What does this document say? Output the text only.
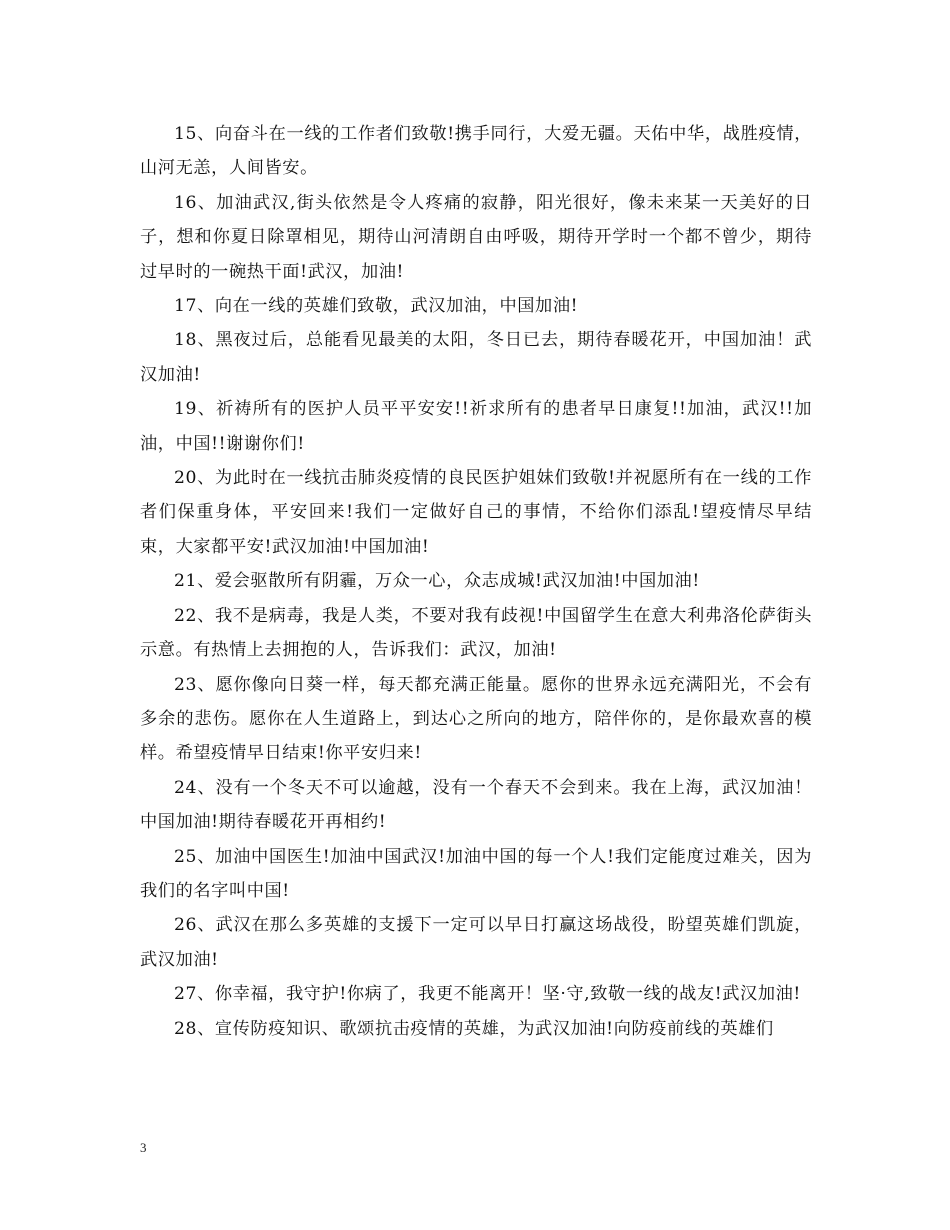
15、向奋斗在一线的工作者们致敬!携手同行，大爱无疆。天佑中华，战胜疫情，山河无恙，人间皆安。

16、加油武汉,街头依然是令人疼痛的寂静，阳光很好，像未来某一天美好的日子，想和你夏日除罩相见，期待山河清朗自由呼吸，期待开学时一个都不曾少，期待过早时的一碗热干面!武汉，加油!

17、向在一线的英雄们致敬，武汉加油，中国加油!

18、黑夜过后，总能看见最美的太阳，冬日已去，期待春暖花开，中国加油！武汉加油!

19、祈祷所有的医护人员平平安安!!祈求所有的患者早日康复!!加油，武汉!!加油，中国!!谢谢你们!

20、为此时在一线抗击肺炎疫情的良民医护姐妹们致敬!并祝愿所有在一线的工作者们保重身体，平安回来!我们一定做好自己的事情，不给你们添乱!望疫情尽早结束，大家都平安!武汉加油!中国加油!

21、爱会驱散所有阴霾，万众一心，众志成城!武汉加油!中国加油!

22、我不是病毒，我是人类，不要对我有歧视!中国留学生在意大利弗洛伦萨街头示意。有热情上去拥抱的人，告诉我们：武汉，加油!

23、愿你像向日葵一样，每天都充满正能量。愿你的世界永远充满阳光，不会有多余的悲伤。愿你在人生道路上，到达心之所向的地方，陪伴你的，是你最欢喜的模样。希望疫情早日结束!你平安归来!

24、没有一个冬天不可以逾越，没有一个春天不会到来。我在上海，武汉加油！中国加油!期待春暖花开再相约!

25、加油中国医生!加油中国武汉!加油中国的每一个人!我们定能度过难关，因为我们的名字叫中国!

26、武汉在那么多英雄的支援下一定可以早日打赢这场战役，盼望英雄们凯旋，武汉加油!

27、你幸福，我守护!你病了，我更不能离开！坚·守,致敬一线的战友!武汉加油!

28、宣传防疫知识、歌颂抗击疫情的英雄，为武汉加油!向防疫前线的英雄们

3
